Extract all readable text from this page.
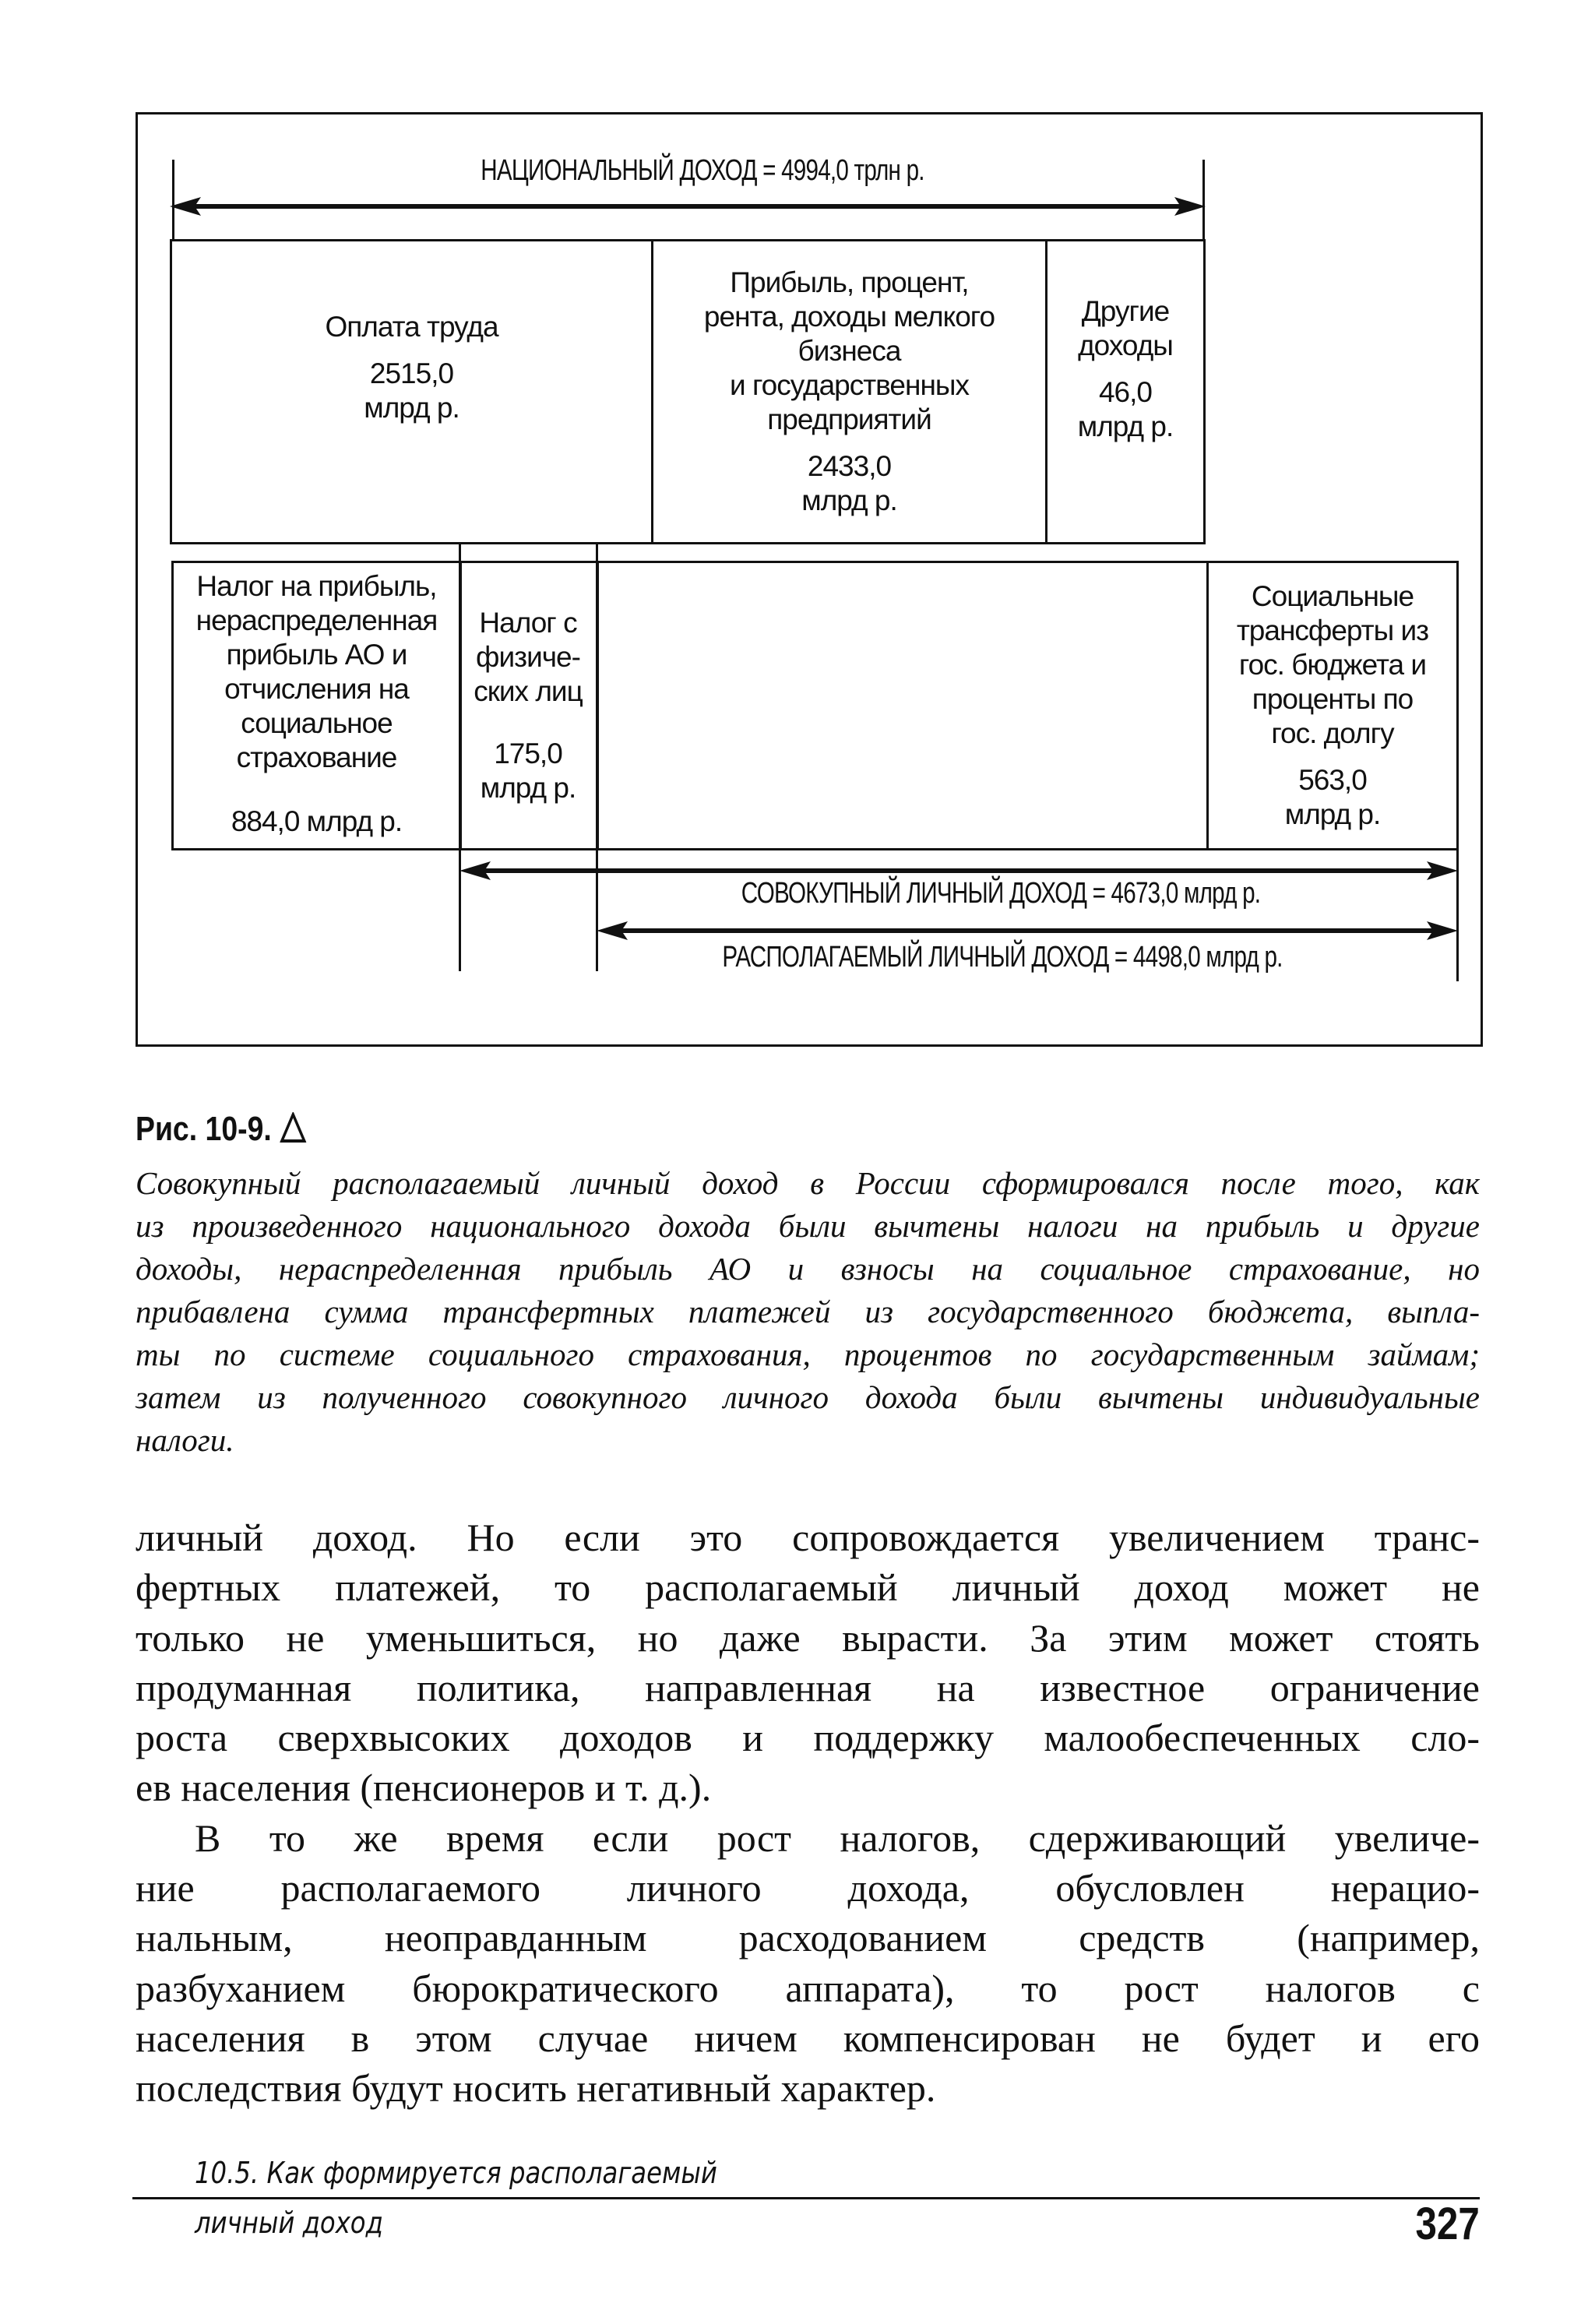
НАЦИОНАЛЬНЫЙ ДОХОД = 4994,0 трлн р.
Оплата труда
2515,0
млрд р.
Прибыль, процент,
рента, доходы мелкого
бизнеса
и государственных
предприятий
2433,0
млрд р.
Другие
доходы
46,0
млрд р.
Налог на прибыль,
нераспределенная
прибыль АО и
отчисления на
социальное
страхование
884,0 млрд р.
Налог с
физиче-
ских лиц
175,0
млрд р.
Социальные
трансферты из
гос. бюджета и
проценты по
гос. долгу
563,0
млрд р.
СОВОКУПНЫЙ ЛИЧНЫЙ ДОХОД = 4673,0 млрд р.
РАСПОЛАГАЕМЫЙ ЛИЧНЫЙ ДОХОД = 4498,0 млрд р.
Рис. 10-9.
Совокупный располагаемый личный доход в России сформировался после того, как
из произведенного национального дохода были вычтены налоги на прибыль и другие
доходы, нераспределенная прибыль АО и взносы на социальное страхование, но
прибавлена сумма трансфертных платежей из государственного бюджета, выпла-
ты по системе социального страхования, процентов по государственным займам;
затем из полученного совокупного личного дохода были вычтены индивидуальные
налоги.
личный доход. Но если это сопровождается увеличением транс-
фертных платежей, то располагаемый личный доход может не
только не уменьшиться, но даже вырасти. За этим может стоять
продуманная политика, направленная на известное ограничение
роста сверхвысоких доходов и поддержку малообеспеченных сло-
ев населения (пенсионеров и т. д.).
В то же время если рост налогов, сдерживающий увеличе-
ние располагаемого личного дохода, обусловлен нерацио-
нальным, неоправданным расходованием средств (например,
разбуханием бюрократического аппарата), то рост налогов с
населения в этом случае ничем компенсирован не будет и его
последствия будут носить негативный характер.
10.5. Как формируется располагаемый
личный доход	327
